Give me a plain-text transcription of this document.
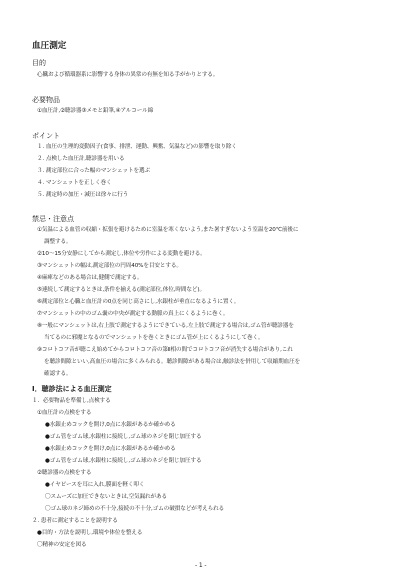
血圧測定
目的
心臓および循環器系に影響する身体の異常の有無を知る手がかりとする。
必要物品
①血圧計,②聴診器③メモと鉛筆,④アルコール綿
ポイント
１. 血圧の生理的変動因子(食事、排泄、運動、興奮、気温など)の影響を取り除く
２. 点検した血圧計,聴診器を用いる
３. 測定部位に合った幅のマンシェットを選ぶ
４. マンシェットを正しく巻く
５. 測定時の加圧・減圧は徐々に行う
禁忌・注意点
①気温による血管の収縮・拡張を避けるために室温を寒くないよう,また暑すぎないよう室温を20℃前後に
調整する。
②10～15分安静にしてから測定し,体位や労作による変動を避ける。
③マンシェットの幅は,測定部位の円周40%を目安とする。
④麻痺などのある場合は,健側で測定する。
⑤連続して測定するときは,条件を揃える(測定部位,体位,時間など)。
⑥測定部位と心臓と血圧計の0点を同じ高さにし,水銀柱が垂直になるように置く。
⑦マンシェットの中のゴム嚢の中央が測定する動脈の真上にくるように巻く。
⑧一般にマンシェットは,右上肢で測定するようにできている,左上肢で測定する場合は,ゴム管が聴診器を
当てるのに邪魔となるのでマンシェットを巻くときにゴム管が上にくるようにして巻く。
⑨コロトコフ音が聴こえ始めてからコロトコフ音の第Ⅱ相の間でコロトコフ音が消失する場合があり,これ
を聴診間隙といい,高血圧の場合に多くみられる。聴診間隙がある場合は,触診法を併用して収縮期血圧を
確認する。
Ⅰ．聴診法による血圧測定
１．必要物品を準備し,点検する
①血圧計の点検をする
●水銀止めコックを開け,0点に水銀があるか確かめる
●ゴム管をゴム球,水銀柱に接続し,ゴム球のネジを閉じ加圧する
●水銀止めコックを開け,0点に水銀があるか確かめる
●ゴム管をゴム球,水銀柱に接続し,ゴム球のネジを閉じ加圧する
②聴診器の点検をする
●イヤピースを耳に入れ,膜面を軽く叩く
〇スムーズに加圧できないときは,空気漏れがある
〇ゴム球のネジ締めの不十分,接続の不十分,ゴムの破損などが考えられる
２. 患者に測定することを説明する
●目的・方法を説明し,環境や体位を整える
〇精神の安定を図る
- 1 -
